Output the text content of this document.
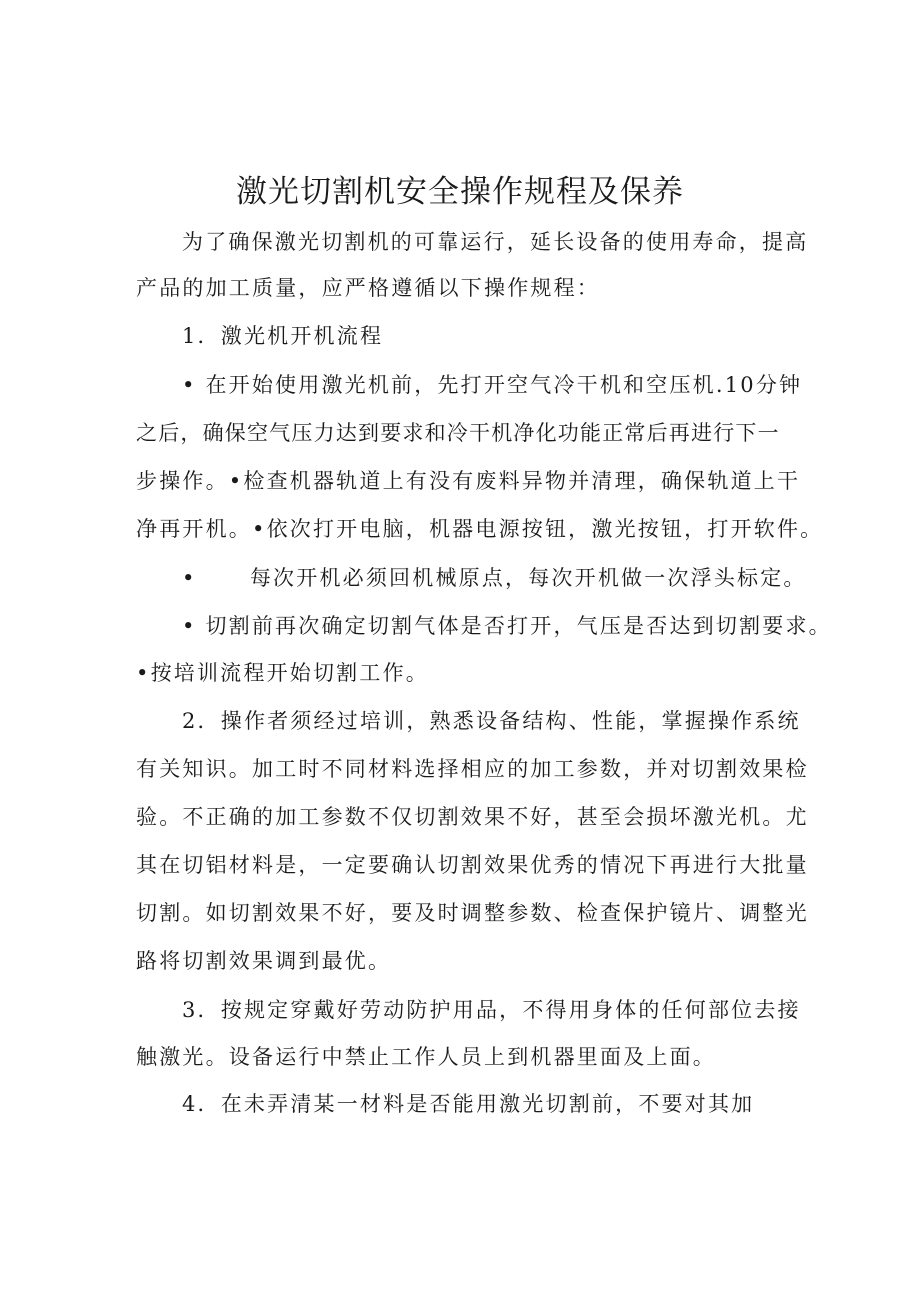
激光切割机安全操作规程及保养
为了确保激光切割机的可靠运行，延长设备的使用寿命，提高
产品的加工质量，应严格遵循以下操作规程：
1．激光机开机流程
• 在开始使用激光机前，先打开空气冷干机和空压机.10分钟
之后，确保空气压力达到要求和冷干机净化功能正常后再进行下一
步操作。•检查机器轨道上有没有废料异物并清理，确保轨道上干
净再开机。•依次打开电脑，机器电源按钮，激光按钮，打开软件。
•      每次开机必须回机械原点，每次开机做一次浮头标定。
• 切割前再次确定切割气体是否打开，气压是否达到切割要求。
•按培训流程开始切割工作。
2．操作者须经过培训，熟悉设备结构、性能，掌握操作系统
有关知识。加工时不同材料选择相应的加工参数，并对切割效果检
验。不正确的加工参数不仅切割效果不好，甚至会损坏激光机。尤
其在切铝材料是，一定要确认切割效果优秀的情况下再进行大批量
切割。如切割效果不好，要及时调整参数、检查保护镜片、调整光
路将切割效果调到最优。
3．按规定穿戴好劳动防护用品，不得用身体的任何部位去接
触激光。设备运行中禁止工作人员上到机器里面及上面。
4．在未弄清某一材料是否能用激光切割前，不要对其加
